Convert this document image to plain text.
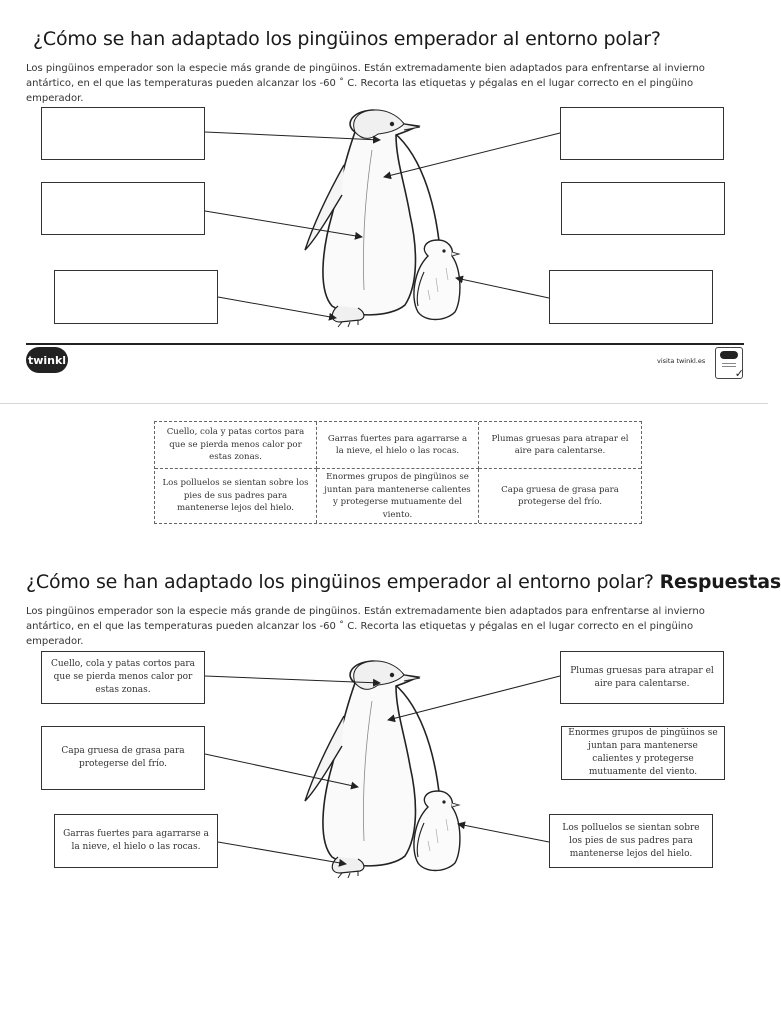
¿Cómo se han adaptado los pingüinos emperador al entorno polar?
Los pingüinos emperador son la especie más grande de pingüinos. Están extremadamente bien adaptados para enfrentarse al invierno antártico, en el que las temperaturas pueden alcanzar los -60 ˚ C. Recorta las etiquetas y pégalas en el lugar correcto en el pingüino emperador.
twinkl	visita twinkl.es
✓
Cuello, cola y patas cortos para que se pierda menos calor por estas zonas.
Garras fuertes para agarrarse a la nieve, el hielo o las rocas.
Plumas gruesas para atrapar el aire para calentarse.
Los polluelos se sientan sobre los pies de sus padres para mantenerse lejos del hielo.
Enormes grupos de pingüinos se juntan para mantenerse calientes y protegerse mutuamente del viento.
Capa gruesa de grasa para protegerse del frío.
¿Cómo se han adaptado los pingüinos emperador al entorno polar? Respuestas
Los pingüinos emperador son la especie más grande de pingüinos. Están extremadamente bien adaptados para enfrentarse al invierno antártico, en el que las temperaturas pueden alcanzar los -60 ˚ C. Recorta las etiquetas y pégalas en el lugar correcto en el pingüino emperador.
Cuello, cola y patas cortos para que se pierda menos calor por estas zonas.
Capa gruesa de grasa para protegerse del frío.
Garras fuertes para agarrarse a la nieve, el hielo o las rocas.
Plumas gruesas para atrapar el aire para calentarse.
Enormes grupos de pingüinos se juntan para mantenerse calientes y protegerse mutuamente del viento.
Los polluelos se sientan sobre los pies de sus padres para mantenerse lejos del hielo.
